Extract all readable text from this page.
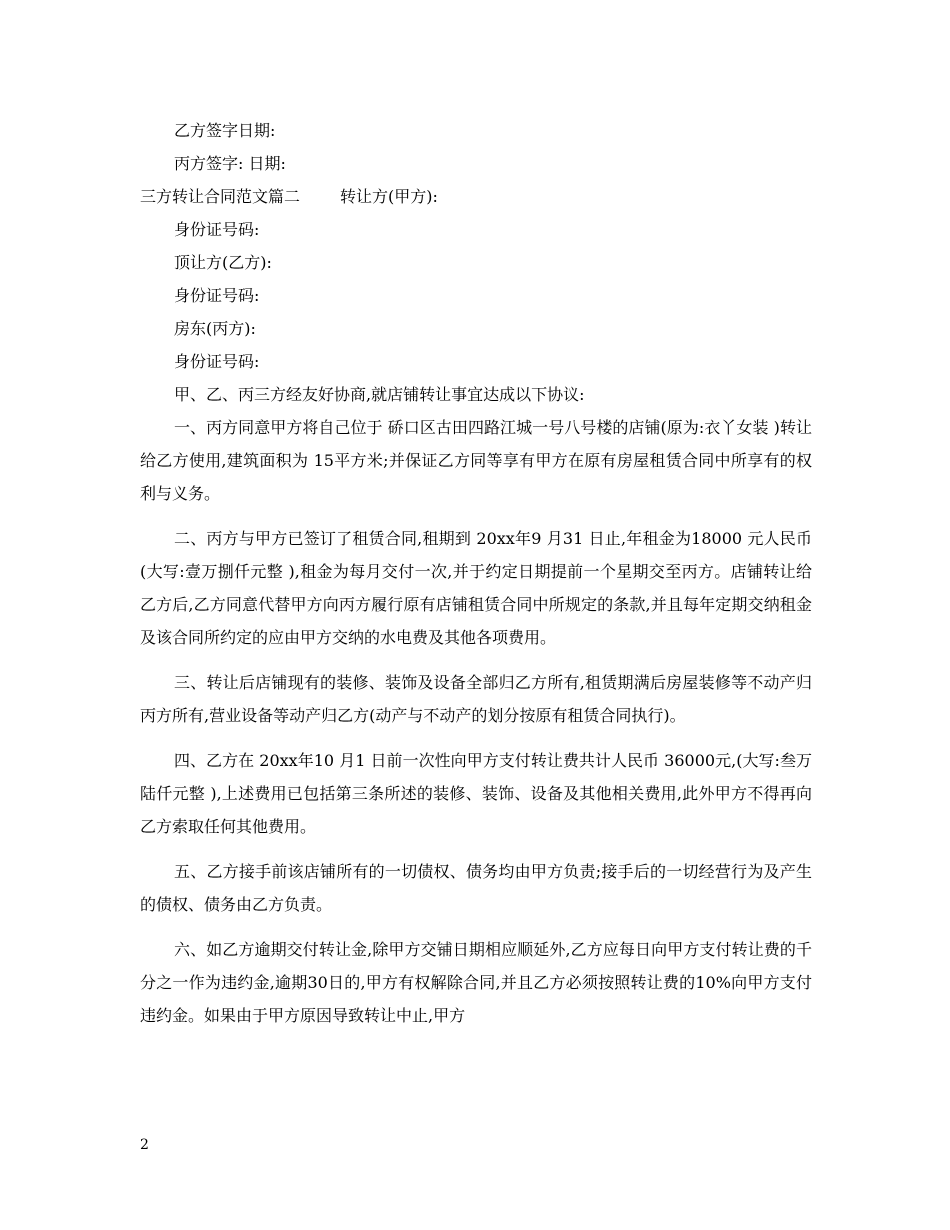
乙方签字日期:
丙方签字: 日期:
三方转让合同范文篇二	转让方(甲方):
身份证号码:
顶让方(乙方):
身份证号码:
房东(丙方):
身份证号码:

甲、乙、丙三方经友好协商,就店铺转让事宜达成以下协议:

一、丙方同意甲方将自己位于 硚口区古田四路江城一号八号楼的店铺(原为:衣丫女装 )转让给乙方使用,建筑面积为 15平方米;并保证乙方同等享有甲方在原有房屋租赁合同中所享有的权利与义务。

二、丙方与甲方已签订了租赁合同,租期到 20xx年9 月31 日止,年租金为18000 元人民币(大写:壹万捌仟元整 ),租金为每月交付一次,并于约定日期提前一个星期交至丙方。店铺转让给乙方后,乙方同意代替甲方向丙方履行原有店铺租赁合同中所规定的条款,并且每年定期交纳租金及该合同所约定的应由甲方交纳的水电费及其他各项费用。

三、转让后店铺现有的装修、装饰及设备全部归乙方所有,租赁期满后房屋装修等不动产归丙方所有,营业设备等动产归乙方(动产与不动产的划分按原有租赁合同执行)。

四、乙方在 20xx年10 月1 日前一次性向甲方支付转让费共计人民币 36000元,(大写:叁万陆仟元整 ),上述费用已包括第三条所述的装修、装饰、设备及其他相关费用,此外甲方不得再向乙方索取任何其他费用。

五、乙方接手前该店铺所有的一切债权、债务均由甲方负责;接手后的一切经营行为及产生的债权、债务由乙方负责。

六、如乙方逾期交付转让金,除甲方交铺日期相应顺延外,乙方应每日向甲方支付转让费的千分之一作为违约金,逾期30日的,甲方有权解除合同,并且乙方必须按照转让费的10%向甲方支付违约金。如果由于甲方原因导致转让中止,甲方

2
